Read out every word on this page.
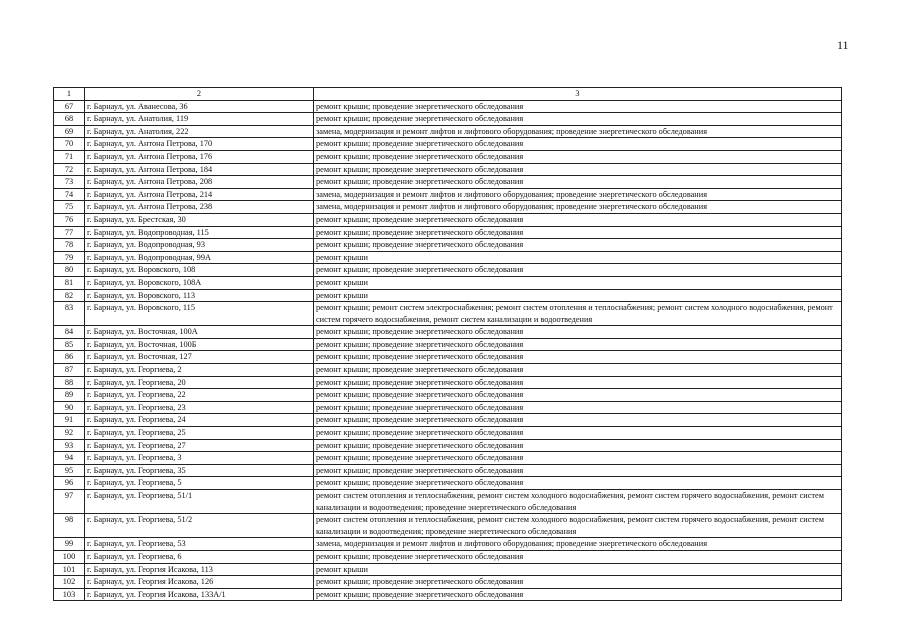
11
1	2	3
67	г. Барнаул, ул. Аванесова, 36	ремонт крыши; проведение энергетического обследования
68	г. Барнаул, ул. Анатолия, 119	ремонт крыши; проведение энергетического обследования
69	г. Барнаул, ул. Анатолия, 222	замена, модернизация и ремонт лифтов и лифтового оборудования; проведение энергетического обследования
70	г. Барнаул, ул. Антона Петрова, 170	ремонт крыши; проведение энергетического обследования
71	г. Барнаул, ул. Антона Петрова, 176	ремонт крыши; проведение энергетического обследования
72	г. Барнаул, ул. Антона Петрова, 184	ремонт крыши; проведение энергетического обследования
73	г. Барнаул, ул. Антона Петрова, 208	ремонт крыши; проведение энергетического обследования
74	г. Барнаул, ул. Антона Петрова, 214	замена, модернизация и ремонт лифтов и лифтового оборудования; проведение энергетического обследования
75	г. Барнаул, ул. Антона Петрова, 238	замена, модернизация и ремонт лифтов и лифтового оборудования; проведение энергетического обследования
76	г. Барнаул, ул. Брестская, 30	ремонт крыши; проведение энергетического обследования
77	г. Барнаул, ул. Водопроводная, 115	ремонт крыши; проведение энергетического обследования
78	г. Барнаул, ул. Водопроводная, 93	ремонт крыши; проведение энергетического обследования
79	г. Барнаул, ул. Водопроводная, 99А	ремонт крыши
80	г. Барнаул, ул. Воровского, 108	ремонт крыши; проведение энергетического обследования
81	г. Барнаул, ул. Воровского, 108А	ремонт крыши
82	г. Барнаул, ул. Воровского, 113	ремонт крыши
83	г. Барнаул, ул. Воровского, 115	ремонт крыши; ремонт систем электроснабжения; ремонт систем отопления и теплоснабжения; ремонт систем холодного водоснабжения, ремонт систем горячего водоснабжения, ремонт систем канализации и водоотведения
84	г. Барнаул, ул. Восточная, 100А	ремонт крыши; проведение энергетического обследования
85	г. Барнаул, ул. Восточная, 100Б	ремонт крыши; проведение энергетического обследования
86	г. Барнаул, ул. Восточная, 127	ремонт крыши; проведение энергетического обследования
87	г. Барнаул, ул. Георгиева, 2	ремонт крыши; проведение энергетического обследования
88	г. Барнаул, ул. Георгиева, 20	ремонт крыши; проведение энергетического обследования
89	г. Барнаул, ул. Георгиева, 22	ремонт крыши; проведение энергетического обследования
90	г. Барнаул, ул. Георгиева, 23	ремонт крыши; проведение энергетического обследования
91	г. Барнаул, ул. Георгиева, 24	ремонт крыши; проведение энергетического обследования
92	г. Барнаул, ул. Георгиева, 25	ремонт крыши; проведение энергетического обследования
93	г. Барнаул, ул. Георгиева, 27	ремонт крыши; проведение энергетического обследования
94	г. Барнаул, ул. Георгиева, 3	ремонт крыши; проведение энергетического обследования
95	г. Барнаул, ул. Георгиева, 35	ремонт крыши; проведение энергетического обследования
96	г. Барнаул, ул. Георгиева, 5	ремонт крыши; проведение энергетического обследования
97	г. Барнаул, ул. Георгиева, 51/1	ремонт систем отопления и теплоснабжения, ремонт систем холодного водоснабжения, ремонт систем горячего водоснабжения, ремонт систем канализации и водоотведения; проведение энергетического обследования
98	г. Барнаул, ул. Георгиева, 51/2	ремонт систем отопления и теплоснабжения, ремонт систем холодного водоснабжения, ремонт систем горячего водоснабжения, ремонт систем канализации и водоотведения; проведение энергетического обследования
99	г. Барнаул, ул. Георгиева, 53	замена, модернизация и ремонт лифтов и лифтового оборудования; проведение энергетического обследования
100	г. Барнаул, ул. Георгиева, 6	ремонт крыши; проведение энергетического обследования
101	г. Барнаул, ул. Георгия Исакова, 113	ремонт крыши
102	г. Барнаул, ул. Георгия Исакова, 126	ремонт крыши; проведение энергетического обследования
103	г. Барнаул, ул. Георгия Исакова, 133А/1	ремонт крыши; проведение энергетического обследования
